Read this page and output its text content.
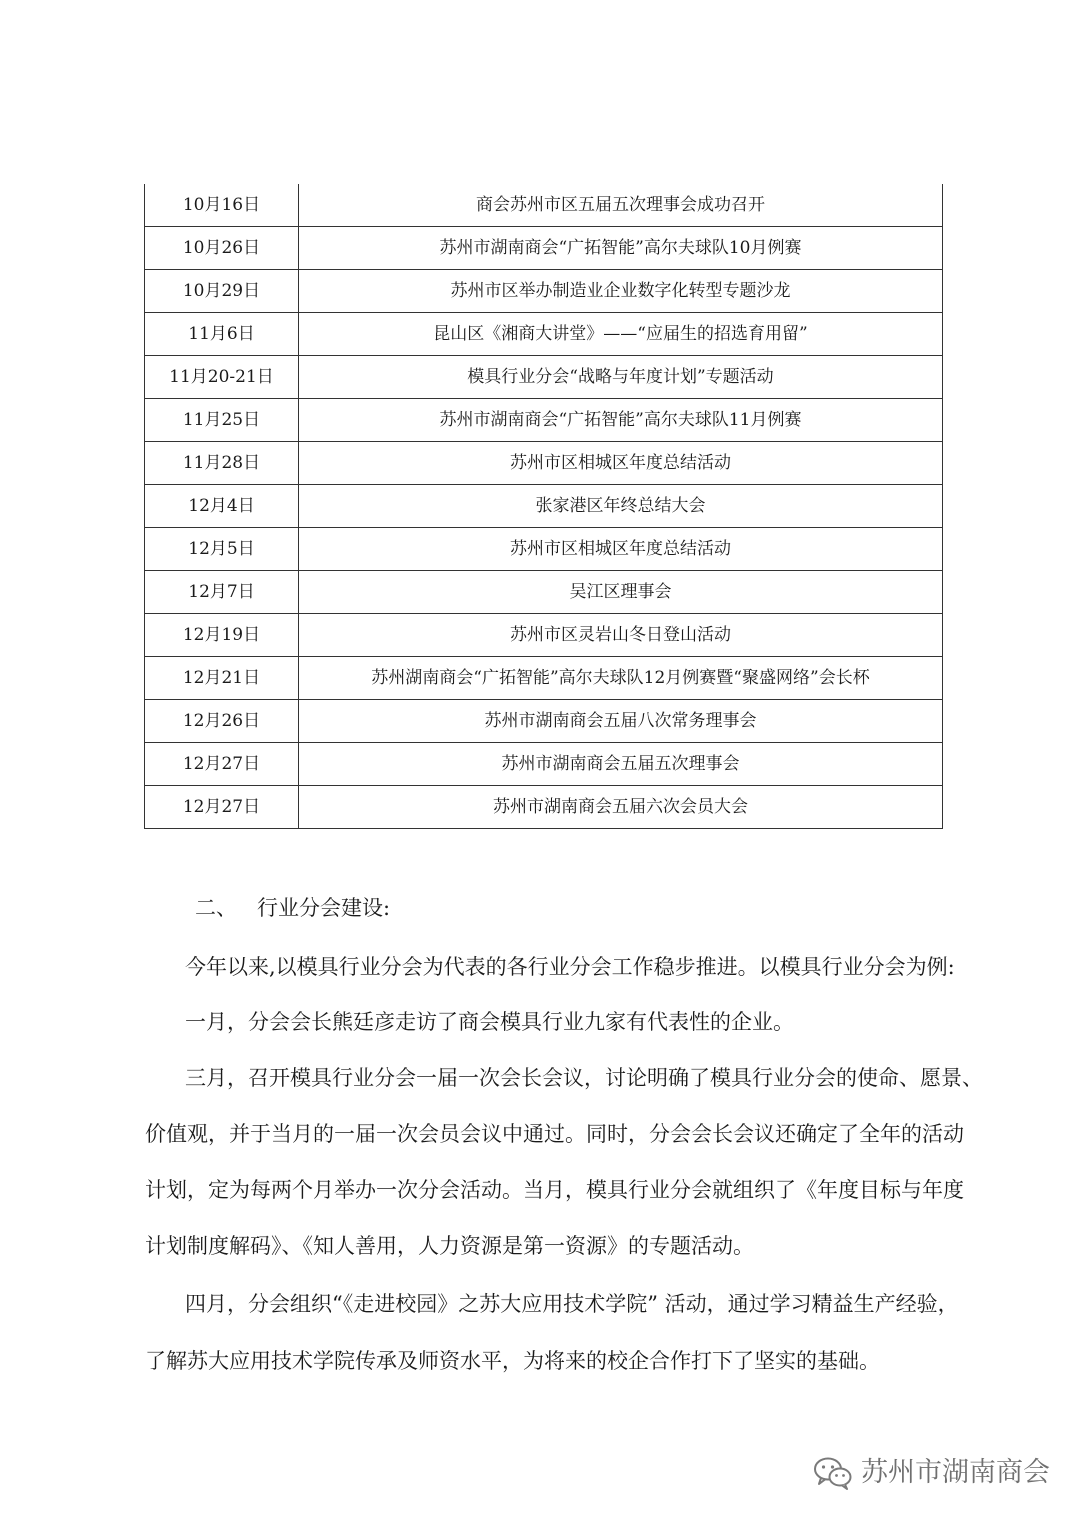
10月16日	商会苏州市区五届五次理事会成功召开
10月26日	苏州市湖南商会“广拓智能”高尔夫球队10月例赛
10月29日	苏州市区举办制造业企业数字化转型专题沙龙
11月6日	昆山区《湘商大讲堂》——“应届生的招选育用留”
11月20-21日	模具行业分会“战略与年度计划”专题活动
11月25日	苏州市湖南商会“广拓智能”高尔夫球队11月例赛
11月28日	苏州市区相城区年度总结活动
12月4日	张家港区年终总结大会
12月5日	苏州市区相城区年度总结活动
12月7日	吴江区理事会
12月19日	苏州市区灵岩山冬日登山活动
12月21日	苏州湖南商会“广拓智能”高尔夫球队12月例赛暨“聚盛网络”会长杯
12月26日	苏州市湖南商会五届八次常务理事会
12月27日	苏州市湖南商会五届五次理事会
12月27日	苏州市湖南商会五届六次会员大会
二、 行业分会建设:
今年以来,以模具行业分会为代表的各行业分会工作稳步推进。以模具行业分会为例:
一月，分会会长熊廷彦走访了商会模具行业九家有代表性的企业。
三月，召开模具行业分会一届一次会长会议，讨论明确了模具行业分会的使命、愿景、
价值观，并于当月的一届一次会员会议中通过。同时，分会会长会议还确定了全年的活动
计划，定为每两个月举办一次分会活动。当月，模具行业分会就组织了《年度目标与年度
计划制度解码》、《知人善用，人力资源是第一资源》的专题活动。
四月，分会组织“《走进校园》之苏大应用技术学院” 活动，通过学习精益生产经验，
了解苏大应用技术学院传承及师资水平，为将来的校企合作打下了坚实的基础。
苏州市湖南商会
